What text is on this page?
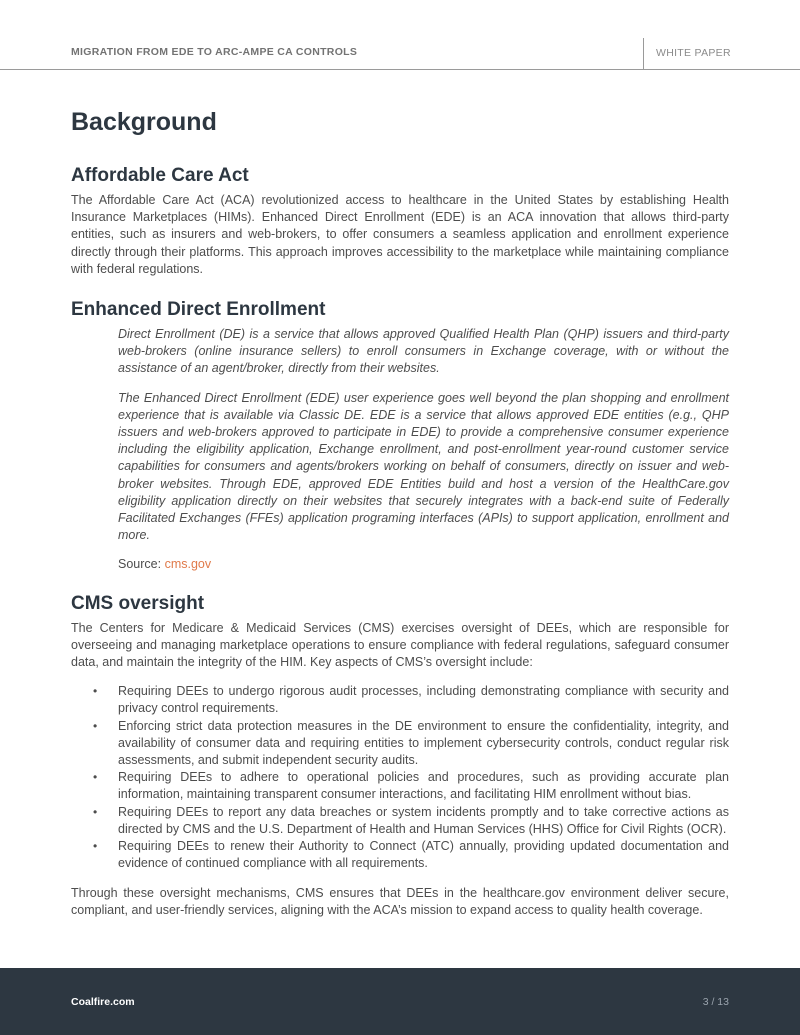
MIGRATION FROM EDE TO ARC-AMPE CA CONTROLS	WHITE PAPER
Background
Affordable Care Act

The Affordable Care Act (ACA) revolutionized access to healthcare in the United States by establishing Health Insurance Marketplaces (HIMs). Enhanced Direct Enrollment (EDE) is an ACA innovation that allows third-party entities, such as insurers and web-brokers, to offer consumers a seamless application and enrollment experience directly through their platforms. This approach improves accessibility to the marketplace while maintaining compliance with federal regulations.

Enhanced Direct Enrollment

Direct Enrollment (DE) is a service that allows approved Qualified Health Plan (QHP) issuers and third-party web-brokers (online insurance sellers) to enroll consumers in Exchange coverage, with or without the assistance of an agent/broker, directly from their websites.

The Enhanced Direct Enrollment (EDE) user experience goes well beyond the plan shopping and enrollment experience that is available via Classic DE. EDE is a service that allows approved EDE entities (e.g., QHP issuers and web-brokers approved to participate in EDE) to provide a comprehensive consumer experience including the eligibility application, Exchange enrollment, and post-enrollment year-round customer service capabilities for consumers and agents/brokers working on behalf of consumers, directly on issuer and web-broker websites. Through EDE, approved EDE Entities build and host a version of the HealthCare.gov eligibility application directly on their websites that securely integrates with a back-end suite of Federally Facilitated Exchanges (FFEs) application programing interfaces (APIs) to support application, enrollment and more.

Source: cms.gov
CMS oversight

The Centers for Medicare & Medicaid Services (CMS) exercises oversight of DEEs, which are responsible for overseeing and managing marketplace operations to ensure compliance with federal regulations, safeguard consumer data, and maintain the integrity of the HIM. Key aspects of CMS’s oversight include:

• Requiring DEEs to undergo rigorous audit processes, including demonstrating compliance with security and privacy control requirements.
• Enforcing strict data protection measures in the DE environment to ensure the confidentiality, integrity, and availability of consumer data and requiring entities to implement cybersecurity controls, conduct regular risk assessments, and submit independent security audits.
• Requiring DEEs to adhere to operational policies and procedures, such as providing accurate plan information, maintaining transparent consumer interactions, and facilitating HIM enrollment without bias.
• Requiring DEEs to report any data breaches or system incidents promptly and to take corrective actions as directed by CMS and the U.S. Department of Health and Human Services (HHS) Office for Civil Rights (OCR).
• Requiring DEEs to renew their Authority to Connect (ATC) annually, providing updated documentation and evidence of continued compliance with all requirements.

Through these oversight mechanisms, CMS ensures that DEEs in the healthcare.gov environment deliver secure, compliant, and user-friendly services, aligning with the ACA’s mission to expand access to quality health coverage.

Coalfire.com	3 / 13
